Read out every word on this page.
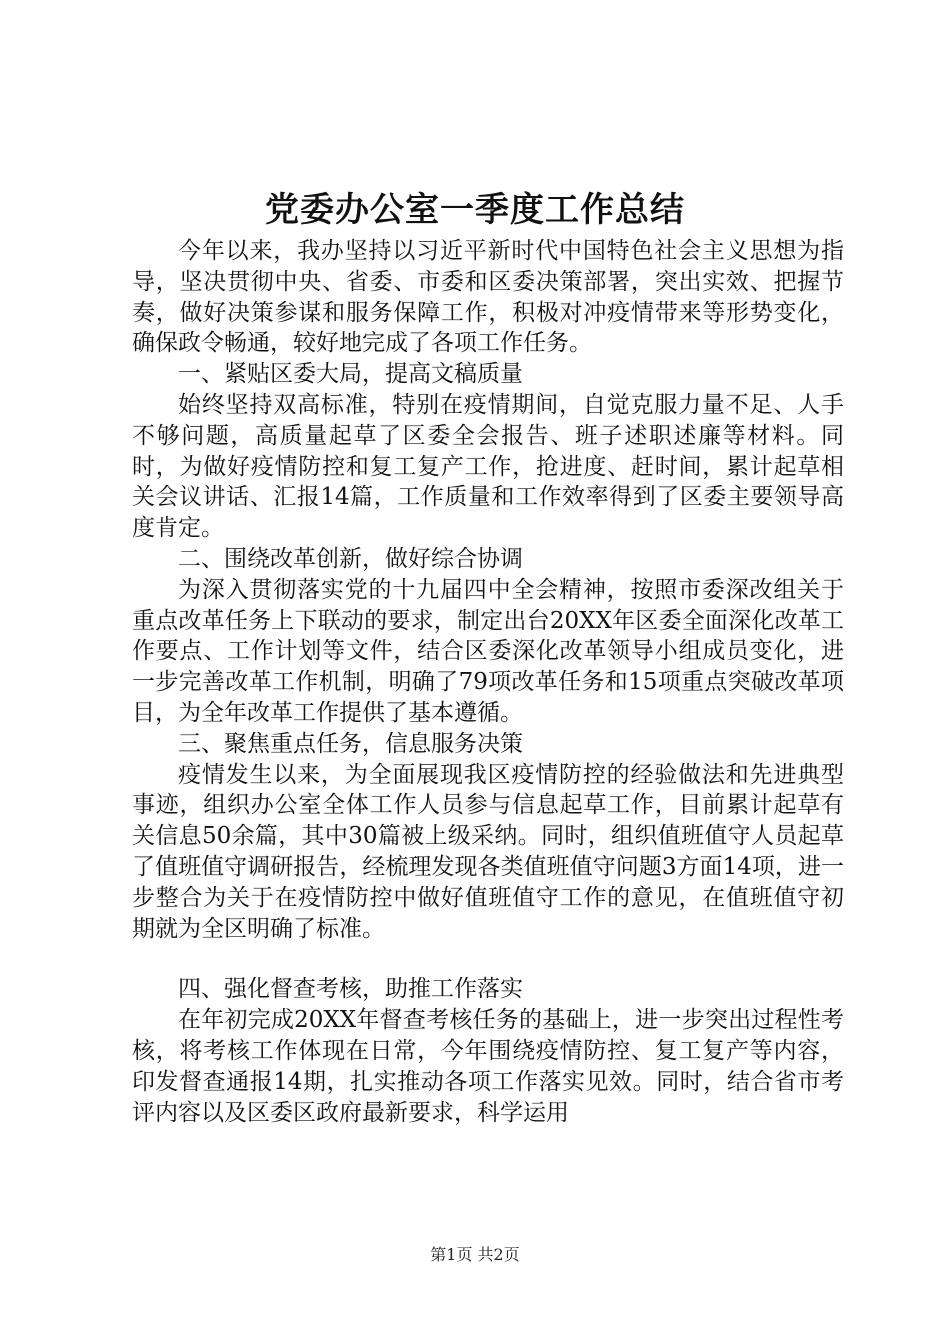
党委办公室一季度工作总结

今年以来，我办坚持以习近平新时代中国特色社会主义思想为指导，坚决贯彻中央、省委、市委和区委决策部署，突出实效、把握节奏，做好决策参谋和服务保障工作，积极对冲疫情带来等形势变化，确保政令畅通，较好地完成了各项工作任务。

一、紧贴区委大局，提高文稿质量

始终坚持双高标准，特别在疫情期间，自觉克服力量不足、人手不够问题，高质量起草了区委全会报告、班子述职述廉等材料。同时，为做好疫情防控和复工复产工作，抢进度、赶时间，累计起草相关会议讲话、汇报14篇，工作质量和工作效率得到了区委主要领导高度肯定。

二、围绕改革创新，做好综合协调

为深入贯彻落实党的十九届四中全会精神，按照市委深改组关于重点改革任务上下联动的要求，制定出台20XX年区委全面深化改革工作要点、工作计划等文件，结合区委深化改革领导小组成员变化，进一步完善改革工作机制，明确了79项改革任务和15项重点突破改革项目，为全年改革工作提供了基本遵循。

三、聚焦重点任务，信息服务决策

疫情发生以来，为全面展现我区疫情防控的经验做法和先进典型事迹，组织办公室全体工作人员参与信息起草工作，目前累计起草有关信息50余篇，其中30篇被上级采纳。同时，组织值班值守人员起草了值班值守调研报告，经梳理发现各类值班值守问题3方面14项，进一步整合为关于在疫情防控中做好值班值守工作的意见，在值班值守初期就为全区明确了标准。

四、强化督查考核，助推工作落实

在年初完成20XX年督查考核任务的基础上，进一步突出过程性考核，将考核工作体现在日常，今年围绕疫情防控、复工复产等内容，印发督查通报14期，扎实推动各项工作落实见效。同时，结合省市考评内容以及区委区政府最新要求，科学运用

第1页 共2页
